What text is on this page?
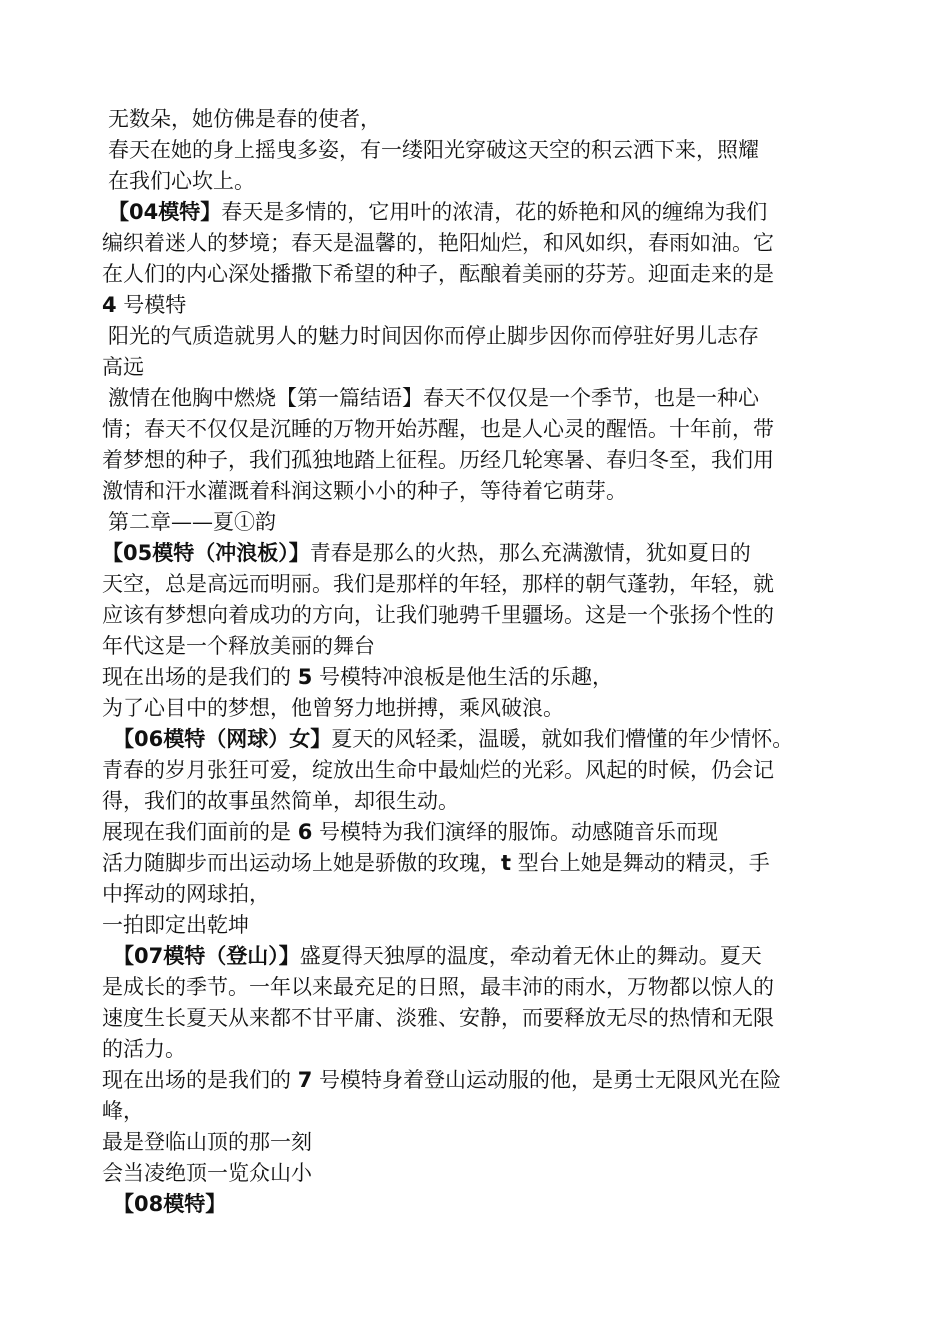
无数朵，她仿佛是春的使者，
春天在她的身上摇曳多姿，有一缕阳光穿破这天空的积云洒下来，照耀
在我们心坎上。
【04模特】春天是多情的，它用叶的浓清，花的娇艳和风的缠绵为我们
编织着迷人的梦境；春天是温馨的，艳阳灿烂，和风如织，春雨如油。它
在人们的内心深处播撒下希望的种子，酝酿着美丽的芬芳。迎面走来的是
4 号模特
阳光的气质造就男人的魅力时间因你而停止脚步因你而停驻好男儿志存
高远
激情在他胸中燃烧【第一篇结语】春天不仅仅是一个季节，也是一种心
情；春天不仅仅是沉睡的万物开始苏醒，也是人心灵的醒悟。十年前，带
着梦想的种子，我们孤独地踏上征程。历经几轮寒暑、春归冬至，我们用
激情和汗水灌溉着科润这颗小小的种子，等待着它萌芽。
第二章——夏①韵
【05模特（冲浪板）】青春是那么的火热，那么充满激情，犹如夏日的
天空，总是高远而明丽。我们是那样的年轻，那样的朝气蓬勃，年轻，就
应该有梦想向着成功的方向，让我们驰骋千里疆场。这是一个张扬个性的
年代这是一个释放美丽的舞台
现在出场的是我们的 5 号模特冲浪板是他生活的乐趣，
为了心目中的梦想，他曾努力地拼搏，乘风破浪。
【06模特（网球）女】夏天的风轻柔，温暖，就如我们懵懂的年少情怀。
青春的岁月张狂可爱，绽放出生命中最灿烂的光彩。风起的时候，仍会记
得，我们的故事虽然简单，却很生动。
展现在我们面前的是 6 号模特为我们演绎的服饰。动感随音乐而现
活力随脚步而出运动场上她是骄傲的玫瑰，t 型台上她是舞动的精灵，手
中挥动的网球拍，
一拍即定出乾坤
【07模特（登山）】盛夏得天独厚的温度，牵动着无休止的舞动。夏天
是成长的季节。一年以来最充足的日照，最丰沛的雨水，万物都以惊人的
速度生长夏天从来都不甘平庸、淡雅、安静，而要释放无尽的热情和无限
的活力。
现在出场的是我们的 7 号模特身着登山运动服的他，是勇士无限风光在险
峰，
最是登临山顶的那一刻
会当凌绝顶一览众山小
【08模特】
